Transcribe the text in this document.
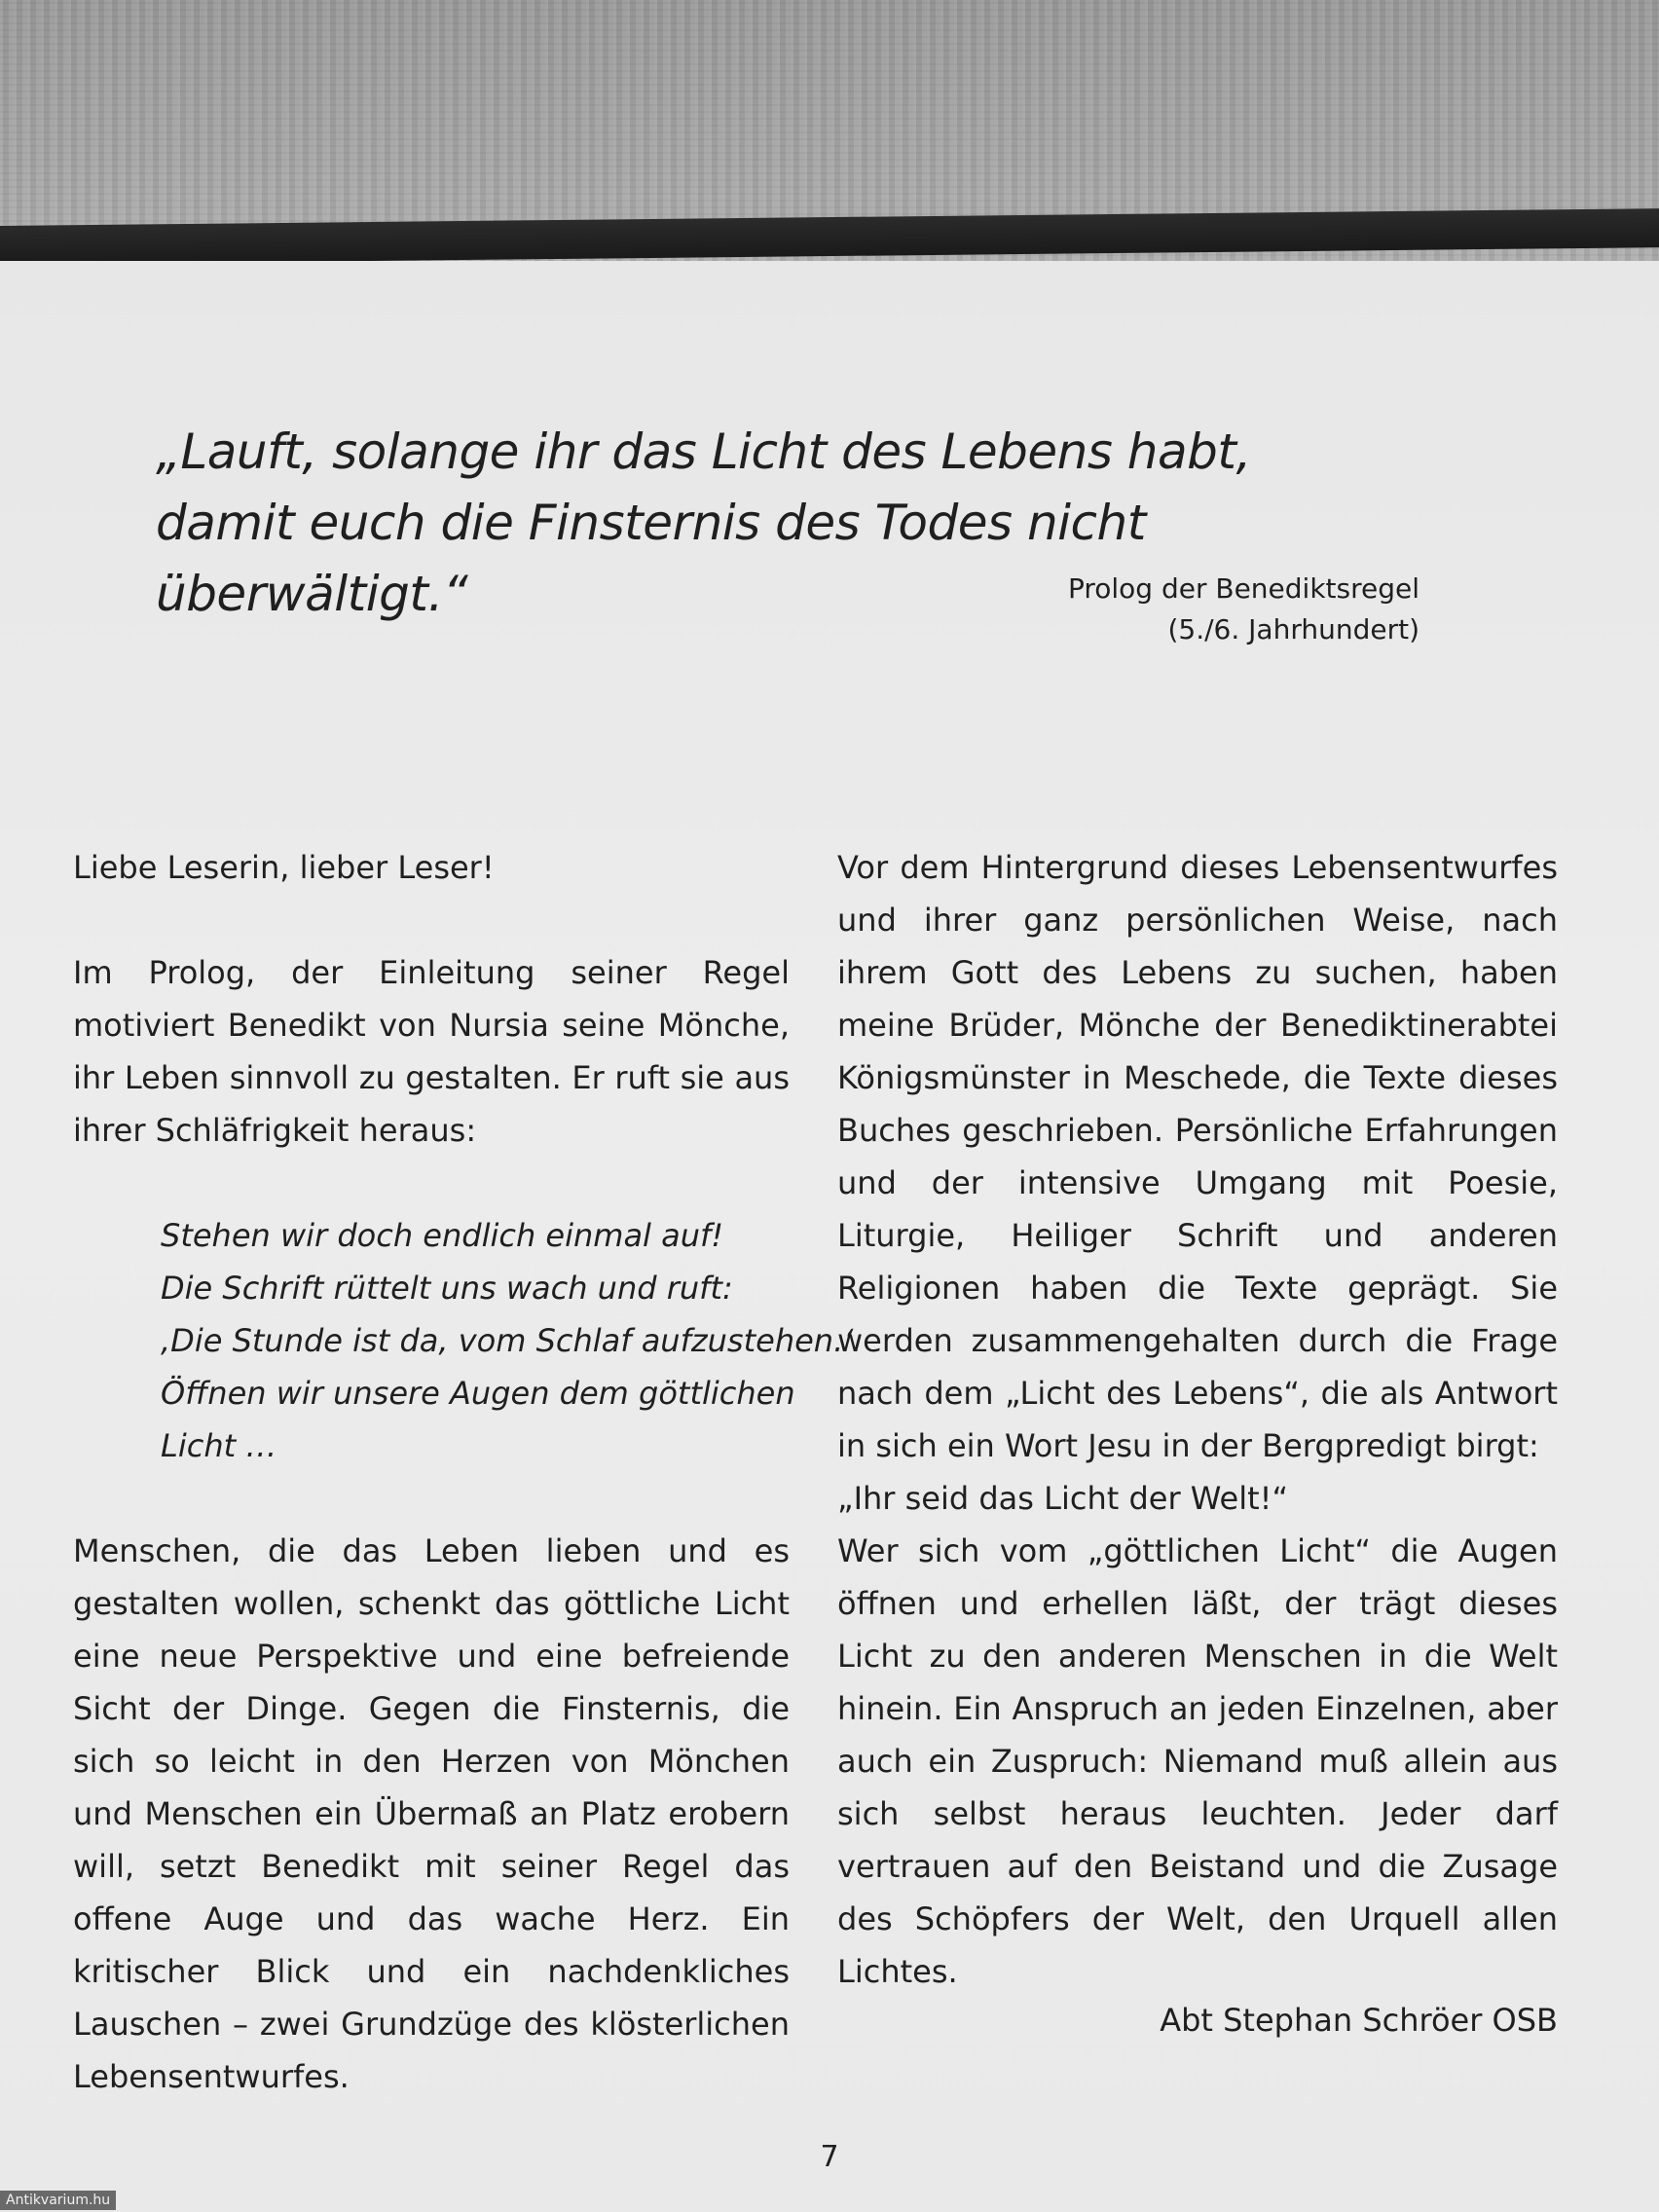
„Lauft, solange ihr das Licht des Lebens habt,
damit euch die Finsternis des Todes nicht überwältigt.“	Prolog der Benediktsregel
(5./6. Jahrhundert)

Liebe Leserin, lieber Leser!

Im Prolog, der Einleitung seiner Regel motiviert Benedikt von Nursia seine Mönche, ihr Leben sinnvoll zu gestalten. Er ruft sie aus ihrer Schläfrigkeit heraus:

Stehen wir doch endlich einmal auf!
Die Schrift rüttelt uns wach und ruft:
‚Die Stunde ist da, vom Schlaf aufzustehen.‘
Öffnen wir unsere Augen dem göttlichen
Licht …

Menschen, die das Leben lieben und es gestalten wollen, schenkt das göttliche Licht eine neue Perspektive und eine befreiende Sicht der Dinge. Gegen die Finsternis, die sich so leicht in den Herzen von Mönchen und Menschen ein Übermaß an Platz erobern will, setzt Benedikt mit seiner Regel das offene Auge und das wache Herz. Ein kritischer Blick und ein nachdenkliches Lauschen – zwei Grundzüge des klösterlichen Lebensentwurfes.

Vor dem Hintergrund dieses Lebensentwurfes und ihrer ganz persönlichen Weise, nach ihrem Gott des Lebens zu suchen, haben meine Brüder, Mönche der Benediktinerabtei Königsmünster in Meschede, die Texte dieses Buches geschrieben. Persönliche Erfahrungen und der intensive Umgang mit Poesie, Liturgie, Heiliger Schrift und anderen Religionen haben die Texte geprägt. Sie werden zusammengehalten durch die Frage nach dem „Licht des Lebens“, die als Antwort in sich ein Wort Jesu in der Bergpredigt birgt:

„Ihr seid das Licht der Welt!“

Wer sich vom „göttlichen Licht“ die Augen öffnen und erhellen läßt, der trägt dieses Licht zu den anderen Menschen in die Welt hinein. Ein Anspruch an jeden Einzelnen, aber auch ein Zuspruch: Niemand muß allein aus sich selbst heraus leuchten. Jeder darf vertrauen auf den Beistand und die Zusage des Schöpfers der Welt, den Urquell allen Lichtes.

Abt Stephan Schröer OSB
7
Antikvarium.hu
